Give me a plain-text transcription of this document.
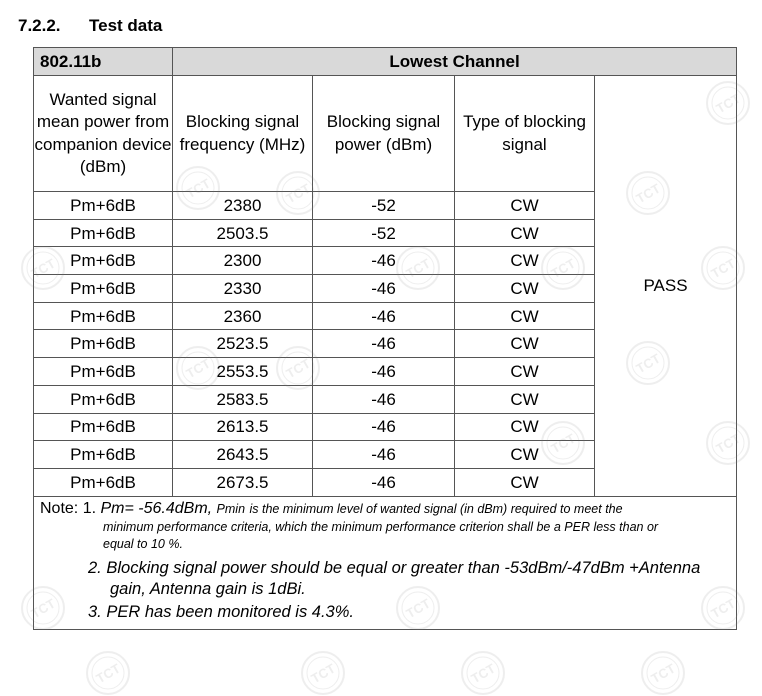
7.2.2. Test data
802.11b	Lowest Channel			
Wanted signal mean power from companion device (dBm)	Blocking signal frequency (MHz)	Blocking signal power (dBm)	Type of blocking signal	PASS
Pm+6dB	2380	-52	CW	
Pm+6dB	2503.5	-52	CW	
Pm+6dB	2300	-46	CW	
Pm+6dB	2330	-46	CW	
Pm+6dB	2360	-46	CW	
Pm+6dB	2523.5	-46	CW	
Pm+6dB	2553.5	-46	CW	
Pm+6dB	2583.5	-46	CW	
Pm+6dB	2613.5	-46	CW	
Pm+6dB	2643.5	-46	CW	
Pm+6dB	2673.5	-46	CW	

Note: 1. Pm= -56.4dBm, Pmin is the minimum level of wanted signal (in dBm) required to meet the
minimum performance criteria, which the minimum performance criterion shall be a PER less than or
equal to 10 %.
2. Blocking signal power should be equal or greater than -53dBm/-47dBm +Antenna gain, Antenna gain is 1dBi.
3. PER has been monitored is 4.3%.				
TCT
TCT	TCT
TCT	TCT
TCT
TCT
TCT
TCT
TCT	TCT
TCT
TCT
TCT
TCT
TCT
TCT	TCT	TCT	TCT
